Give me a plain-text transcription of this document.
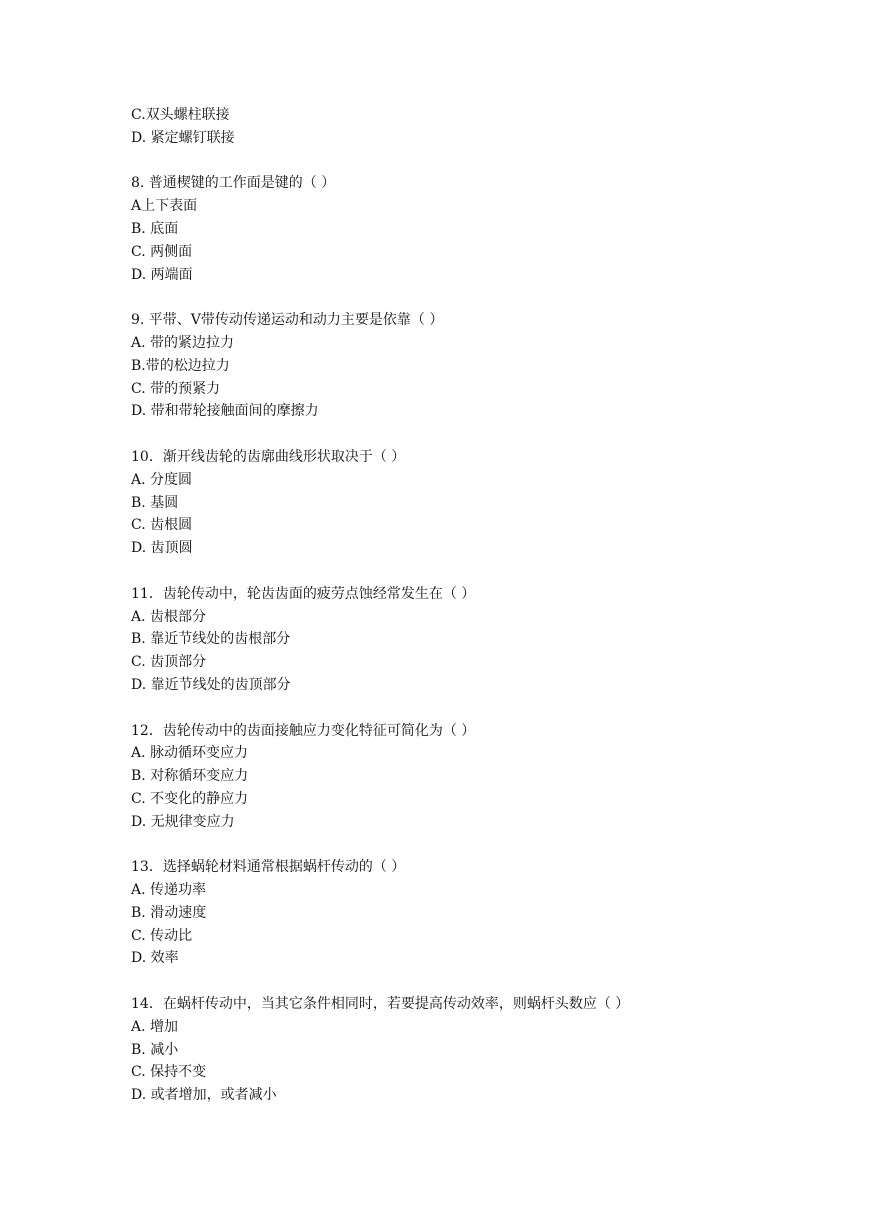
C.双头螺柱联接
D. 紧定螺钉联接
8. 普通楔键的工作面是键的（ ）
A上下表面
B. 底面
C. 两侧面
D. 两端面
9. 平带、V带传动传递运动和动力主要是依靠（ ）
A. 带的紧边拉力
B.带的松边拉力
C. 带的预紧力
D. 带和带轮接触面间的摩擦力
10．渐开线齿轮的齿廓曲线形状取决于（ ）
A. 分度圆
B. 基圆
C. 齿根圆
D. 齿顶圆
11．齿轮传动中，轮齿齿面的疲劳点蚀经常发生在（ ）
A. 齿根部分
B. 靠近节线处的齿根部分
C. 齿顶部分
D. 靠近节线处的齿顶部分
12．齿轮传动中的齿面接触应力变化特征可简化为（ ）
A. 脉动循环变应力
B. 对称循环变应力
C. 不变化的静应力
D. 无规律变应力
13．选择蜗轮材料通常根据蜗杆传动的（ ）
A. 传递功率
B. 滑动速度
C. 传动比
D. 效率
14．在蜗杆传动中，当其它条件相同时，若要提高传动效率，则蜗杆头数应（ ）
A. 增加
B. 减小
C. 保持不变
D. 或者增加，或者减小
